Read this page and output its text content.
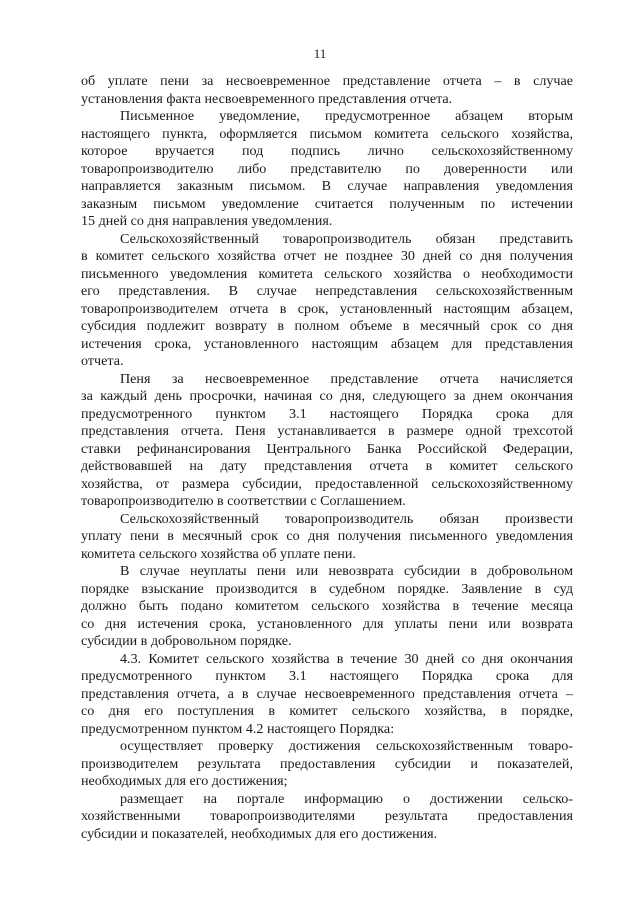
11
об уплате пени за несвоевременное представление отчета – в случае
установления факта несвоевременного представления отчета.
Письменное уведомление, предусмотренное абзацем вторым
настоящего пункта, оформляется письмом комитета сельского хозяйства,
которое вручается под подпись лично сельскохозяйственному
товаропроизводителю либо представителю по доверенности или
направляется заказным письмом. В случае направления уведомления
заказным письмом уведомление считается полученным по истечении
15 дней со дня направления уведомления.
Сельскохозяйственный товаропроизводитель обязан представить
в комитет сельского хозяйства отчет не позднее 30 дней со дня получения
письменного уведомления комитета сельского хозяйства о необходимости
его представления. В случае непредставления сельскохозяйственным
товаропроизводителем отчета в срок, установленный настоящим абзацем,
субсидия подлежит возврату в полном объеме в месячный срок со дня
истечения срока, установленного настоящим абзацем для представления
отчета.
Пеня за несвоевременное представление отчета начисляется
за каждый день просрочки, начиная со дня, следующего за днем окончания
предусмотренного пунктом 3.1 настоящего Порядка срока для
представления отчета. Пеня устанавливается в размере одной трехсотой
ставки рефинансирования Центрального Банка Российской Федерации,
действовавшей на дату представления отчета в комитет сельского
хозяйства, от размера субсидии, предоставленной сельскохозяйственному
товаропроизводителю в соответствии с Соглашением.
Сельскохозяйственный товаропроизводитель обязан произвести
уплату пени в месячный срок со дня получения письменного уведомления
комитета сельского хозяйства об уплате пени.
В случае неуплаты пени или невозврата субсидии в добровольном
порядке взыскание производится в судебном порядке. Заявление в суд
должно быть подано комитетом сельского хозяйства в течение месяца
со дня истечения срока, установленного для уплаты пени или возврата
субсидии в добровольном порядке.
4.3. Комитет сельского хозяйства в течение 30 дней со дня окончания
предусмотренного пунктом 3.1 настоящего Порядка срока для
представления отчета, а в случае несвоевременного представления отчета –
со дня его поступления в комитет сельского хозяйства, в порядке,
предусмотренном пунктом 4.2 настоящего Порядка:
осуществляет проверку достижения сельскохозяйственным товаро-
производителем результата предоставления субсидии и показателей,
необходимых для его достижения;
размещает на портале информацию о достижении сельско-
хозяйственными товаропроизводителями результата предоставления
субсидии и показателей, необходимых для его достижения.
